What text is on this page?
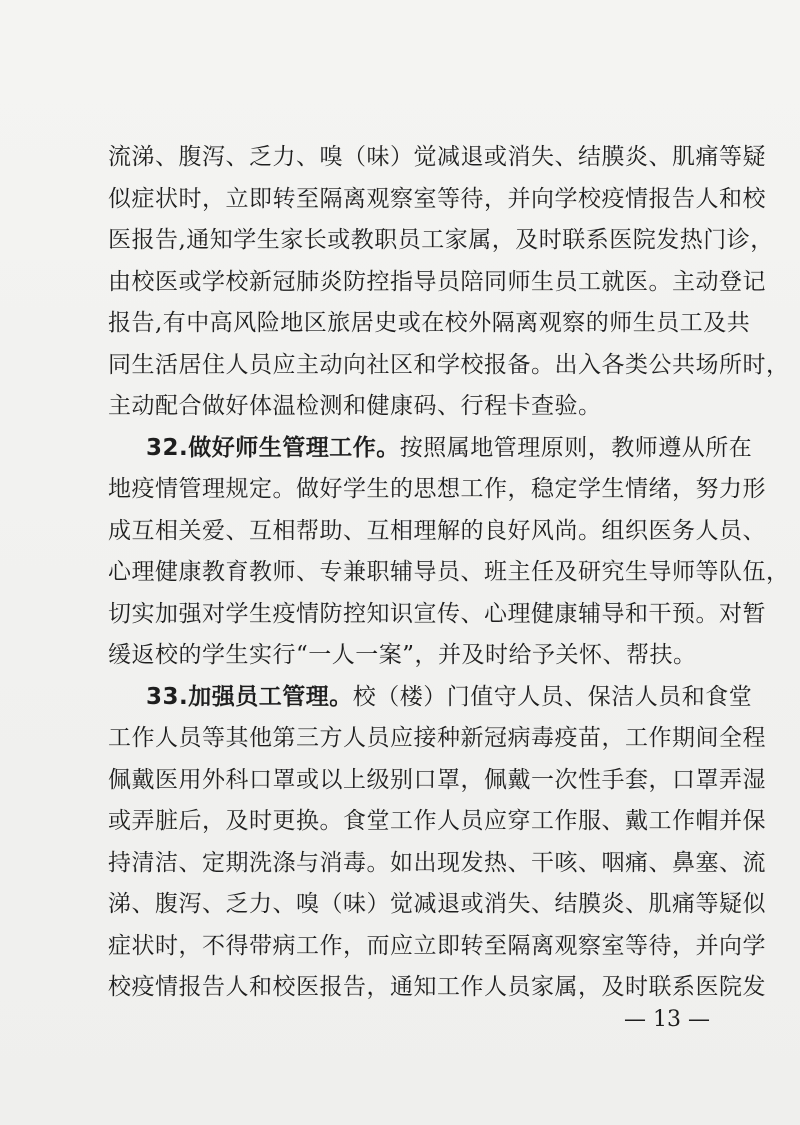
流涕、腹泻、乏力、嗅（味）觉减退或消失、结膜炎、肌痛等疑
似症状时，立即转至隔离观察室等待，并向学校疫情报告人和校
医报告,通知学生家长或教职员工家属，及时联系医院发热门诊，
由校医或学校新冠肺炎防控指导员陪同师生员工就医。主动登记
报告,有中高风险地区旅居史或在校外隔离观察的师生员工及共
同生活居住人员应主动向社区和学校报备。出入各类公共场所时，
主动配合做好体温检测和健康码、行程卡查验。
32.做好师生管理工作。按照属地管理原则，教师遵从所在
地疫情管理规定。做好学生的思想工作，稳定学生情绪，努力形
成互相关爱、互相帮助、互相理解的良好风尚。组织医务人员、
心理健康教育教师、专兼职辅导员、班主任及研究生导师等队伍，
切实加强对学生疫情防控知识宣传、心理健康辅导和干预。对暂
缓返校的学生实行“一人一案”，并及时给予关怀、帮扶。
33.加强员工管理。校（楼）门值守人员、保洁人员和食堂
工作人员等其他第三方人员应接种新冠病毒疫苗，工作期间全程
佩戴医用外科口罩或以上级别口罩，佩戴一次性手套，口罩弄湿
或弄脏后，及时更换。食堂工作人员应穿工作服、戴工作帽并保
持清洁、定期洗涤与消毒。如出现发热、干咳、咽痛、鼻塞、流
涕、腹泻、乏力、嗅（味）觉减退或消失、结膜炎、肌痛等疑似
症状时，不得带病工作，而应立即转至隔离观察室等待，并向学
校疫情报告人和校医报告，通知工作人员家属，及时联系医院发
— 13 —
